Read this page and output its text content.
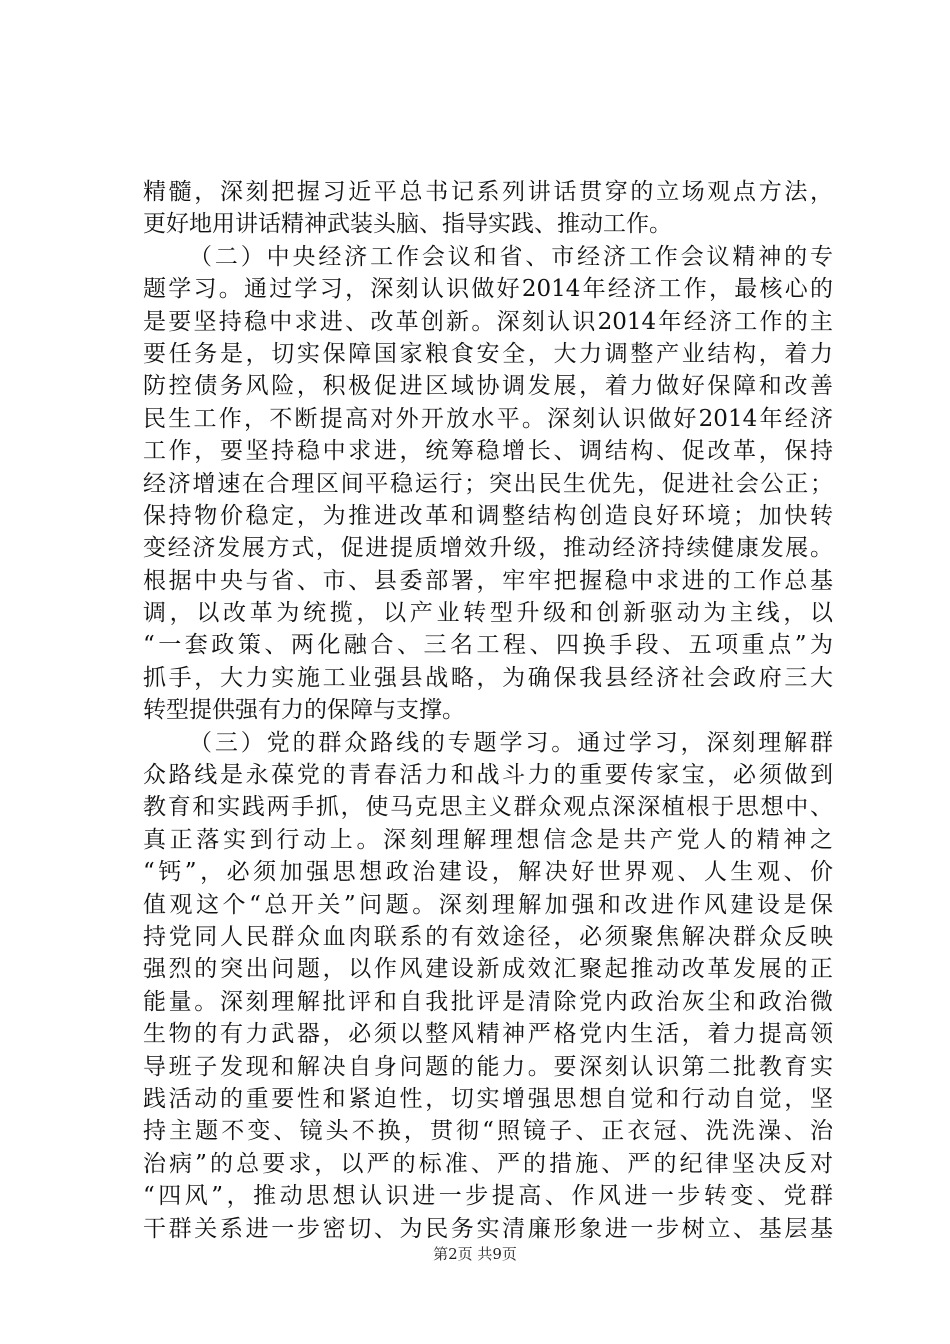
精髓，深刻把握习近平总书记系列讲话贯穿的立场观点方法，
更好地用讲话精神武装头脑、指导实践、推动工作。
（二）中央经济工作会议和省、市经济工作会议精神的专
题学习。通过学习，深刻认识做好2014年经济工作，最核心的
是要坚持稳中求进、改革创新。深刻认识2014年经济工作的主
要任务是，切实保障国家粮食安全，大力调整产业结构，着力
防控债务风险，积极促进区域协调发展，着力做好保障和改善
民生工作，不断提高对外开放水平。深刻认识做好2014年经济
工作，要坚持稳中求进，统筹稳增长、调结构、促改革，保持
经济增速在合理区间平稳运行；突出民生优先，促进社会公正；
保持物价稳定，为推进改革和调整结构创造良好环境；加快转
变经济发展方式，促进提质增效升级，推动经济持续健康发展。
根据中央与省、市、县委部署，牢牢把握稳中求进的工作总基
调，以改革为统揽，以产业转型升级和创新驱动为主线，以
“一套政策、两化融合、三名工程、四换手段、五项重点”为
抓手，大力实施工业强县战略，为确保我县经济社会政府三大
转型提供强有力的保障与支撑。
（三）党的群众路线的专题学习。通过学习，深刻理解群
众路线是永葆党的青春活力和战斗力的重要传家宝，必须做到
教育和实践两手抓，使马克思主义群众观点深深植根于思想中、
真正落实到行动上。深刻理解理想信念是共产党人的精神之
“钙”，必须加强思想政治建设，解决好世界观、人生观、价
值观这个“总开关”问题。深刻理解加强和改进作风建设是保
持党同人民群众血肉联系的有效途径，必须聚焦解决群众反映
强烈的突出问题，以作风建设新成效汇聚起推动改革发展的正
能量。深刻理解批评和自我批评是清除党内政治灰尘和政治微
生物的有力武器，必须以整风精神严格党内生活，着力提高领
导班子发现和解决自身问题的能力。要深刻认识第二批教育实
践活动的重要性和紧迫性，切实增强思想自觉和行动自觉，坚
持主题不变、镜头不换，贯彻“照镜子、正衣冠、洗洗澡、治
治病”的总要求，以严的标准、严的措施、严的纪律坚决反对
“四风”，推动思想认识进一步提高、作风进一步转变、党群
干群关系进一步密切、为民务实清廉形象进一步树立、基层基
第2页 共9页
